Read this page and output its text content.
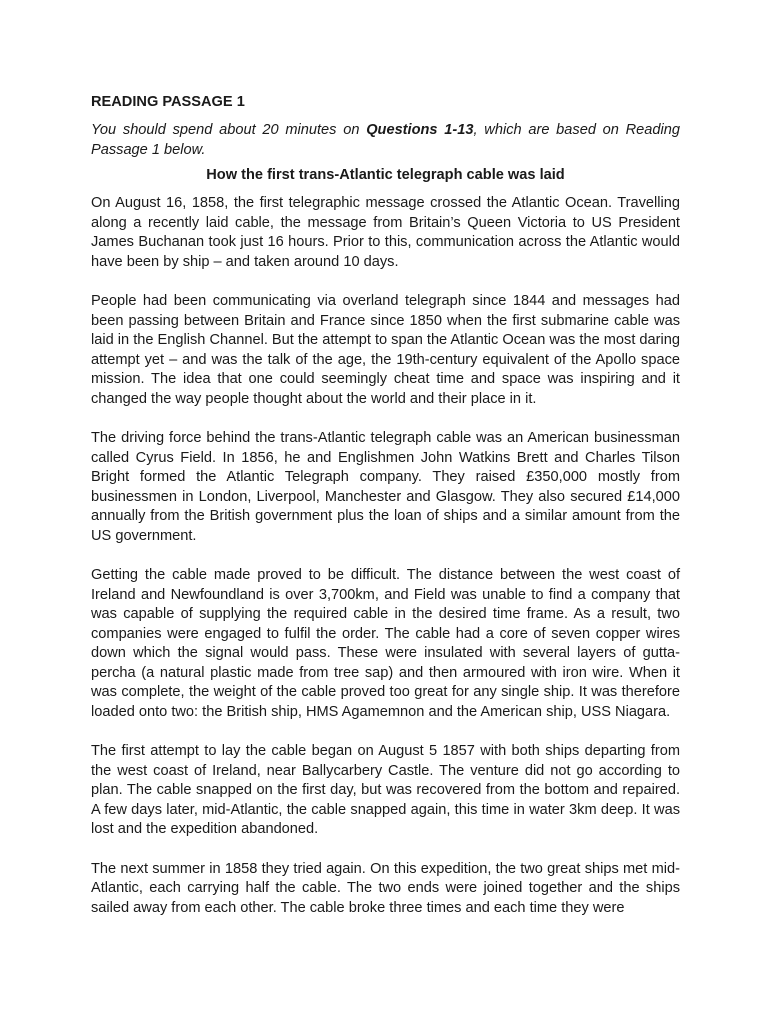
READING PASSAGE 1
You should spend about 20 minutes on Questions 1-13, which are based on Reading Passage 1 below.
How the first trans-Atlantic telegraph cable was laid

On August 16, 1858, the first telegraphic message crossed the Atlantic Ocean. Travelling along a recently laid cable, the message from Britain’s Queen Victoria to US President James Buchanan took just 16 hours. Prior to this, communication across the Atlantic would have been by ship – and taken around 10 days.

People had been communicating via overland telegraph since 1844 and messages had been passing between Britain and France since 1850 when the first submarine cable was laid in the English Channel. But the attempt to span the Atlantic Ocean was the most daring attempt yet – and was the talk of the age, the 19th-century equivalent of the Apollo space mission. The idea that one could seemingly cheat time and space was inspiring and it changed the way people thought about the world and their place in it.

The driving force behind the trans-Atlantic telegraph cable was an American businessman called Cyrus Field. In 1856, he and Englishmen John Watkins Brett and Charles Tilson Bright formed the Atlantic Telegraph company. They raised £350,000 mostly from businessmen in London, Liverpool, Manchester and Glasgow. They also secured £14,000 annually from the British government plus the loan of ships and a similar amount from the US government.

Getting the cable made proved to be difficult. The distance between the west coast of Ireland and Newfoundland is over 3,700km, and Field was unable to find a company that was capable of supplying the required cable in the desired time frame. As a result, two companies were engaged to fulfil the order. The cable had a core of seven copper wires down which the signal would pass. These were insulated with several layers of gutta-percha (a natural plastic made from tree sap) and then armoured with iron wire. When it was complete, the weight of the cable proved too great for any single ship. It was therefore loaded onto two: the British ship, HMS Agamemnon and the American ship, USS Niagara.

The first attempt to lay the cable began on August 5 1857 with both ships departing from the west coast of Ireland, near Ballycarbery Castle. The venture did not go according to plan. The cable snapped on the first day, but was recovered from the bottom and repaired. A few days later, mid-Atlantic, the cable snapped again, this time in water 3km deep. It was lost and the expedition abandoned.

The next summer in 1858 they tried again. On this expedition, the two great ships met mid- Atlantic, each carrying half the cable. The two ends were joined together and the ships sailed away from each other. The cable broke three times and each time they were
